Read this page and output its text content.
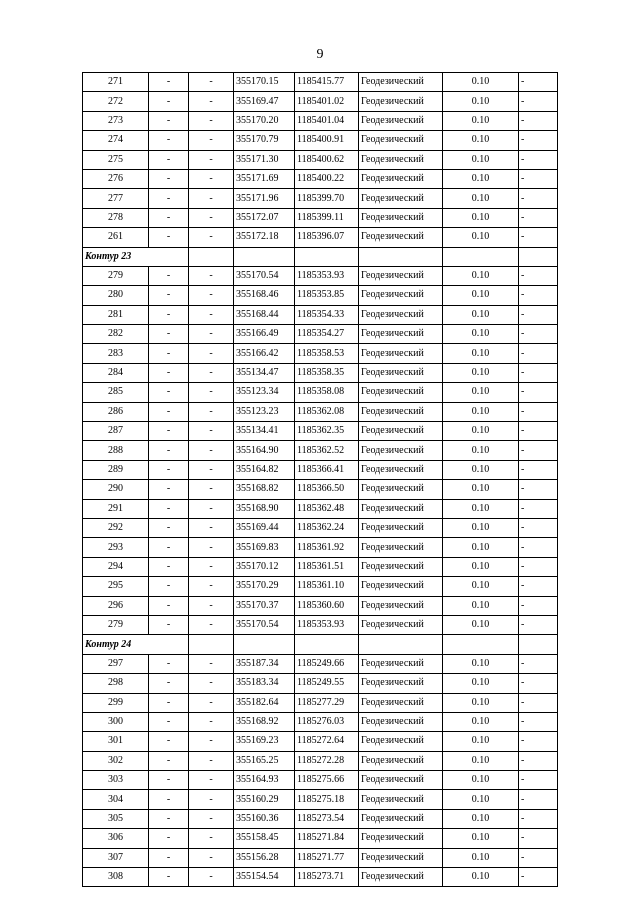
9
271	-	-	355170.15	1185415.77	Геодезический	0.10	-
272	-	-	355169.47	1185401.02	Геодезический	0.10	-
273	-	-	355170.20	1185401.04	Геодезический	0.10	-
274	-	-	355170.79	1185400.91	Геодезический	0.10	-
275	-	-	355171.30	1185400.62	Геодезический	0.10	-
276	-	-	355171.69	1185400.22	Геодезический	0.10	-
277	-	-	355171.96	1185399.70	Геодезический	0.10	-
278	-	-	355172.07	1185399.11	Геодезический	0.10	-
261	-	-	355172.18	1185396.07	Геодезический	0.10	-
Контур 23							
279	-	-	355170.54	1185353.93	Геодезический	0.10	-
280	-	-	355168.46	1185353.85	Геодезический	0.10	-
281	-	-	355168.44	1185354.33	Геодезический	0.10	-
282	-	-	355166.49	1185354.27	Геодезический	0.10	-
283	-	-	355166.42	1185358.53	Геодезический	0.10	-
284	-	-	355134.47	1185358.35	Геодезический	0.10	-
285	-	-	355123.34	1185358.08	Геодезический	0.10	-
286	-	-	355123.23	1185362.08	Геодезический	0.10	-
287	-	-	355134.41	1185362.35	Геодезический	0.10	-
288	-	-	355164.90	1185362.52	Геодезический	0.10	-
289	-	-	355164.82	1185366.41	Геодезический	0.10	-
290	-	-	355168.82	1185366.50	Геодезический	0.10	-
291	-	-	355168.90	1185362.48	Геодезический	0.10	-
292	-	-	355169.44	1185362.24	Геодезический	0.10	-
293	-	-	355169.83	1185361.92	Геодезический	0.10	-
294	-	-	355170.12	1185361.51	Геодезический	0.10	-
295	-	-	355170.29	1185361.10	Геодезический	0.10	-
296	-	-	355170.37	1185360.60	Геодезический	0.10	-
279	-	-	355170.54	1185353.93	Геодезический	0.10	-
Контур 24							
297	-	-	355187.34	1185249.66	Геодезический	0.10	-
298	-	-	355183.34	1185249.55	Геодезический	0.10	-
299	-	-	355182.64	1185277.29	Геодезический	0.10	-
300	-	-	355168.92	1185276.03	Геодезический	0.10	-
301	-	-	355169.23	1185272.64	Геодезический	0.10	-
302	-	-	355165.25	1185272.28	Геодезический	0.10	-
303	-	-	355164.93	1185275.66	Геодезический	0.10	-
304	-	-	355160.29	1185275.18	Геодезический	0.10	-
305	-	-	355160.36	1185273.54	Геодезический	0.10	-
306	-	-	355158.45	1185271.84	Геодезический	0.10	-
307	-	-	355156.28	1185271.77	Геодезический	0.10	-
308	-	-	355154.54	1185273.71	Геодезический	0.10	-
